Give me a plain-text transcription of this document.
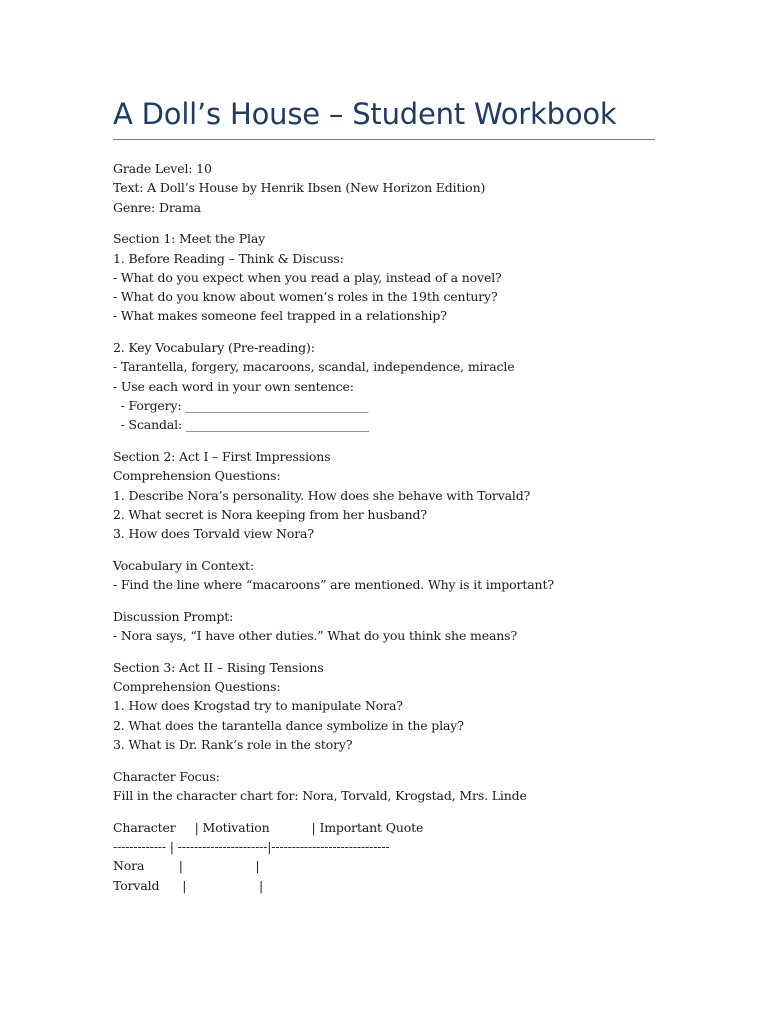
A Doll’s House – Student Workbook
Grade Level: 10
Text: A Doll’s House by Henrik Ibsen (New Horizon Edition)
Genre: Drama
Section 1: Meet the Play
1. Before Reading – Think & Discuss:
- What do you expect when you read a play, instead of a novel?
- What do you know about women’s roles in the 19th century?
- What makes someone feel trapped in a relationship?
2. Key Vocabulary (Pre-reading):
- Tarantella, forgery, macaroons, scandal, independence, miracle
- Use each word in your own sentence:
- Forgery: ______________________________
- Scandal: ______________________________
Section 2: Act I – First Impressions
Comprehension Questions:
1. Describe Nora’s personality. How does she behave with Torvald?
2. What secret is Nora keeping from her husband?
3. How does Torvald view Nora?
Vocabulary in Context:
- Find the line where “macaroons” are mentioned. Why is it important?
Discussion Prompt:
- Nora says, “I have other duties.” What do you think she means?
Section 3: Act II – Rising Tensions
Comprehension Questions:
1. How does Krogstad try to manipulate Nora?
2. What does the tarantella dance symbolize in the play?
3. What is Dr. Rank’s role in the story?
Character Focus:
Fill in the character chart for: Nora, Torvald, Krogstad, Mrs. Linde
Character     | Motivation           | Important Quote
------------- | ----------------------|-----------------------------
Nora         |                   |
Torvald      |                   |
